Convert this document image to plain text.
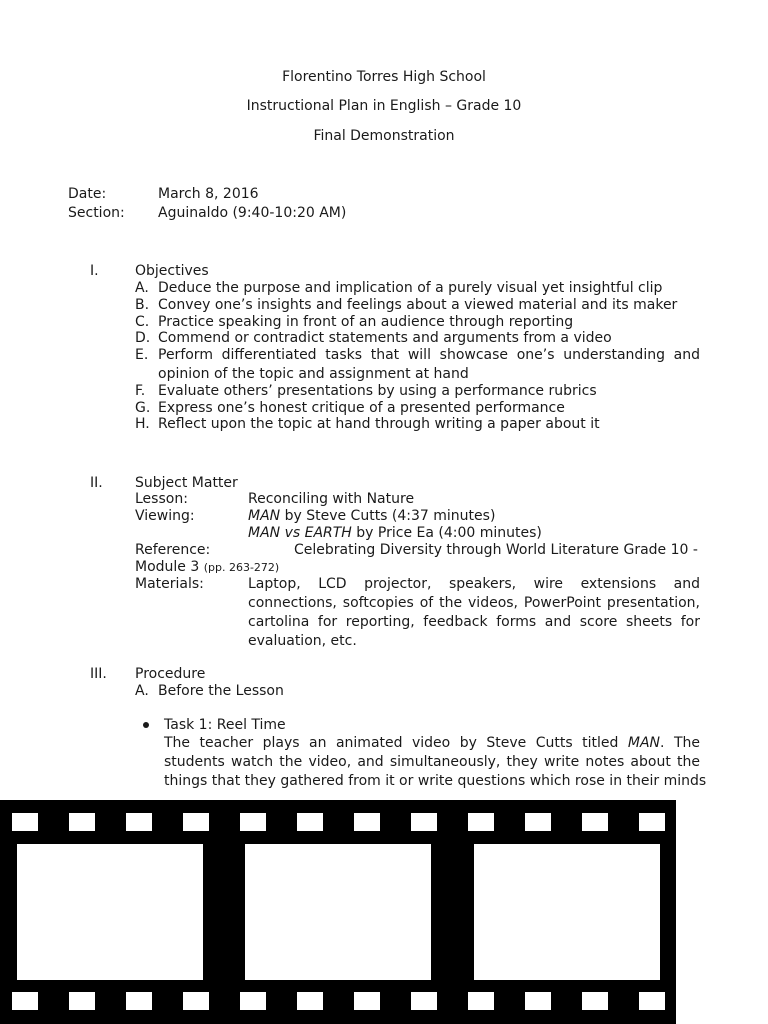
Florentino Torres High School
Instructional Plan in English – Grade 10
Final Demonstration
Date:	March 8, 2016
Section: Aguinaldo (9:40-10:20 AM)
I.	Objectives
A. Deduce the purpose and implication of a purely visual yet insightful clip
B. Convey one’s insights and feelings about a viewed material and its maker
C. Practice speaking in front of an audience through reporting
D. Commend or contradict statements and arguments from a video
E. Perform differentiated tasks that will showcase one’s understanding and
opinion of the topic and assignment at hand
F. Evaluate others’ presentations by using a performance rubrics
G. Express one’s honest critique of a presented performance
H. Reflect upon the topic at hand through writing a paper about it
II. Subject Matter
Lesson:	Reconciling with Nature
Viewing:	MAN by Steve Cutts (4:37 minutes)
MAN vs EARTH by Price Ea (4:00 minutes)
Reference:	Celebrating Diversity through World Literature Grade 10 -
Module 3 (pp. 263-272)
Materials:	Laptop, LCD projector, speakers, wire extensions and
connections, softcopies of the videos, PowerPoint presentation,
cartolina for reporting, feedback forms and score sheets for
evaluation, etc.
III. Procedure
A. Before the Lesson
Task 1: Reel Time
The teacher plays an animated video by Steve Cutts titled MAN. The
students watch the video, and simultaneously, they write notes about the
things that they gathered from it or write questions which rose in their minds
